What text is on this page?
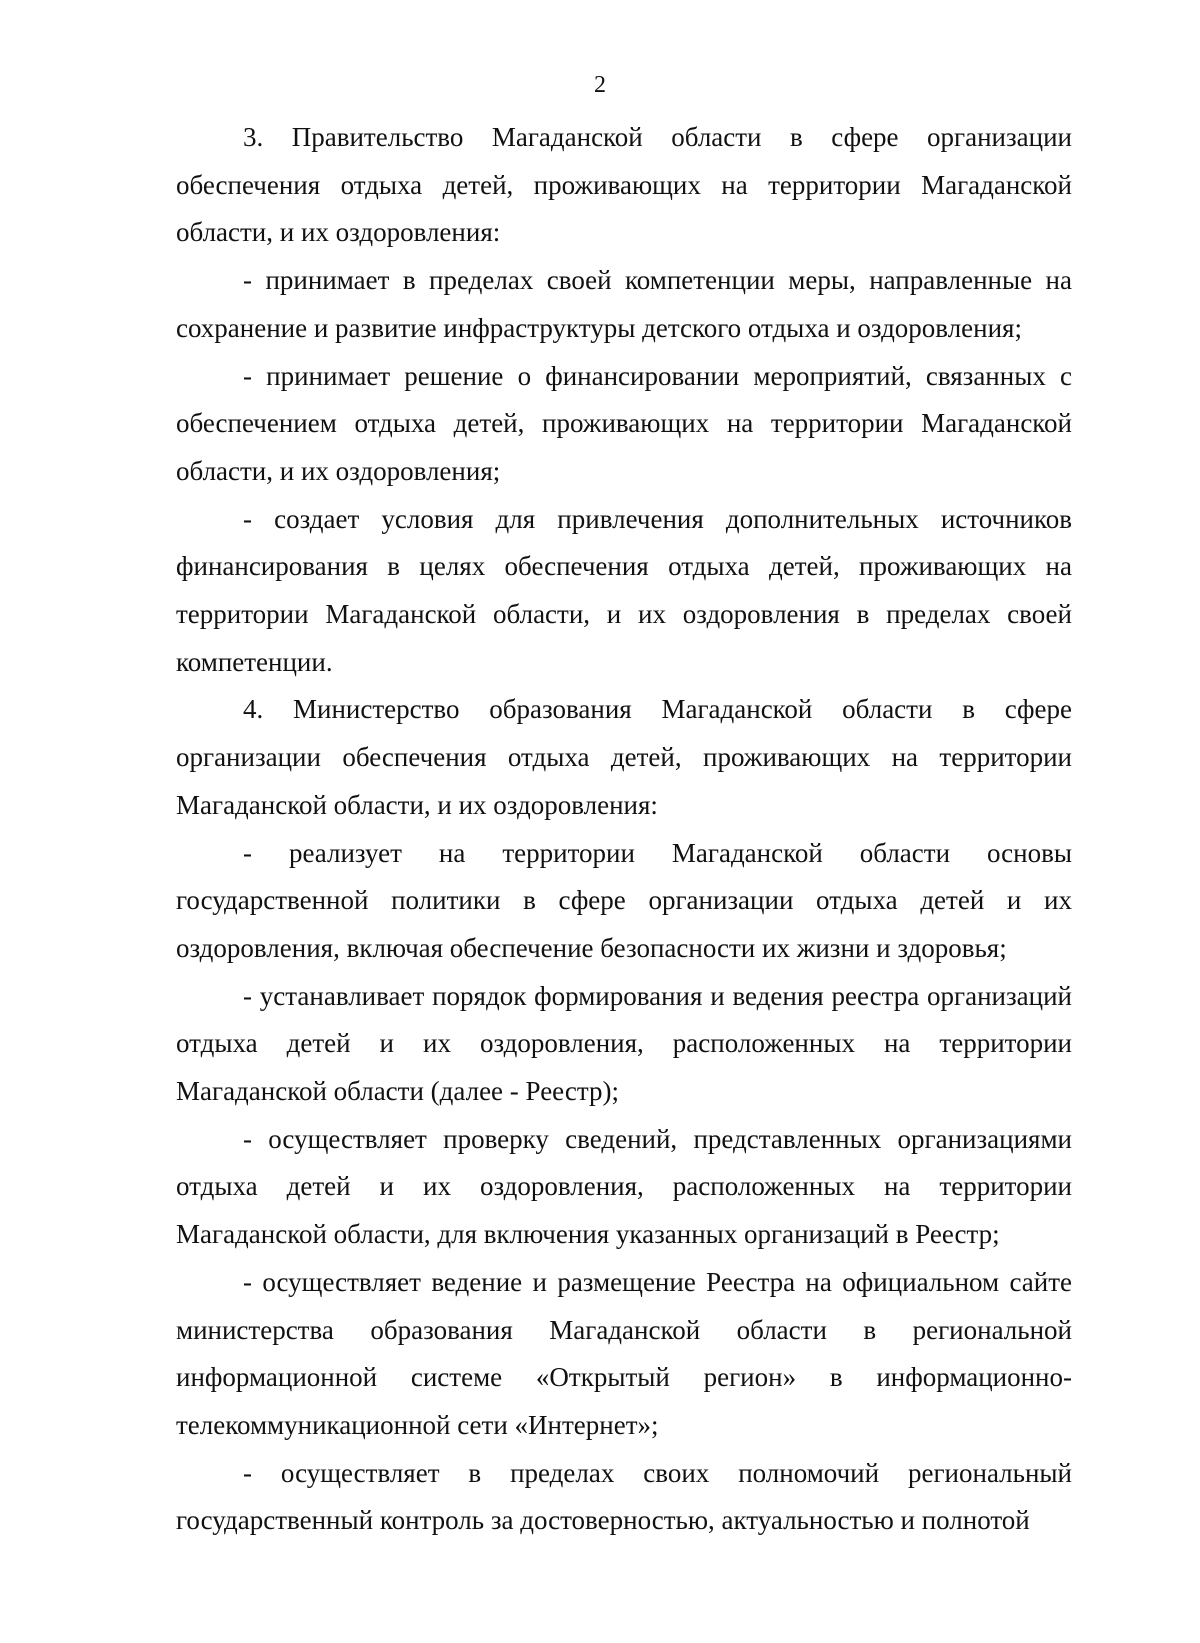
2

3. Правительство Магаданской области в сфере организации обеспечения отдыха детей, проживающих на территории Магаданской области, и их оздоровления:

- принимает в пределах своей компетенции меры, направленные на сохранение и развитие инфраструктуры детского отдыха и оздоровления;

- принимает решение о финансировании мероприятий, связанных с обеспечением отдыха детей, проживающих на территории Магаданской области, и их оздоровления;

- создает условия для привлечения дополнительных источников финансирования в целях обеспечения отдыха детей, проживающих на территории Магаданской области, и их оздоровления в пределах своей компетенции.

4. Министерство образования Магаданской области в сфере организации обеспечения отдыха детей, проживающих на территории Магаданской области, и их оздоровления:

- реализует на территории Магаданской области основы государственной политики в сфере организации отдыха детей и их оздоровления, включая обеспечение безопасности их жизни и здоровья;

- устанавливает порядок формирования и ведения реестра организаций отдыха детей и их оздоровления, расположенных на территории Магаданской области (далее - Реестр);

- осуществляет проверку сведений, представленных организациями отдыха детей и их оздоровления, расположенных на территории Магаданской области, для включения указанных организаций в Реестр;

- осуществляет ведение и размещение Реестра на официальном сайте министерства образования Магаданской области в региональной информационной системе «Открытый регион» в информационно-телекоммуникационной сети «Интернет»;

- осуществляет в пределах своих полномочий региональный государственный контроль за достоверностью, актуальностью и полнотой
